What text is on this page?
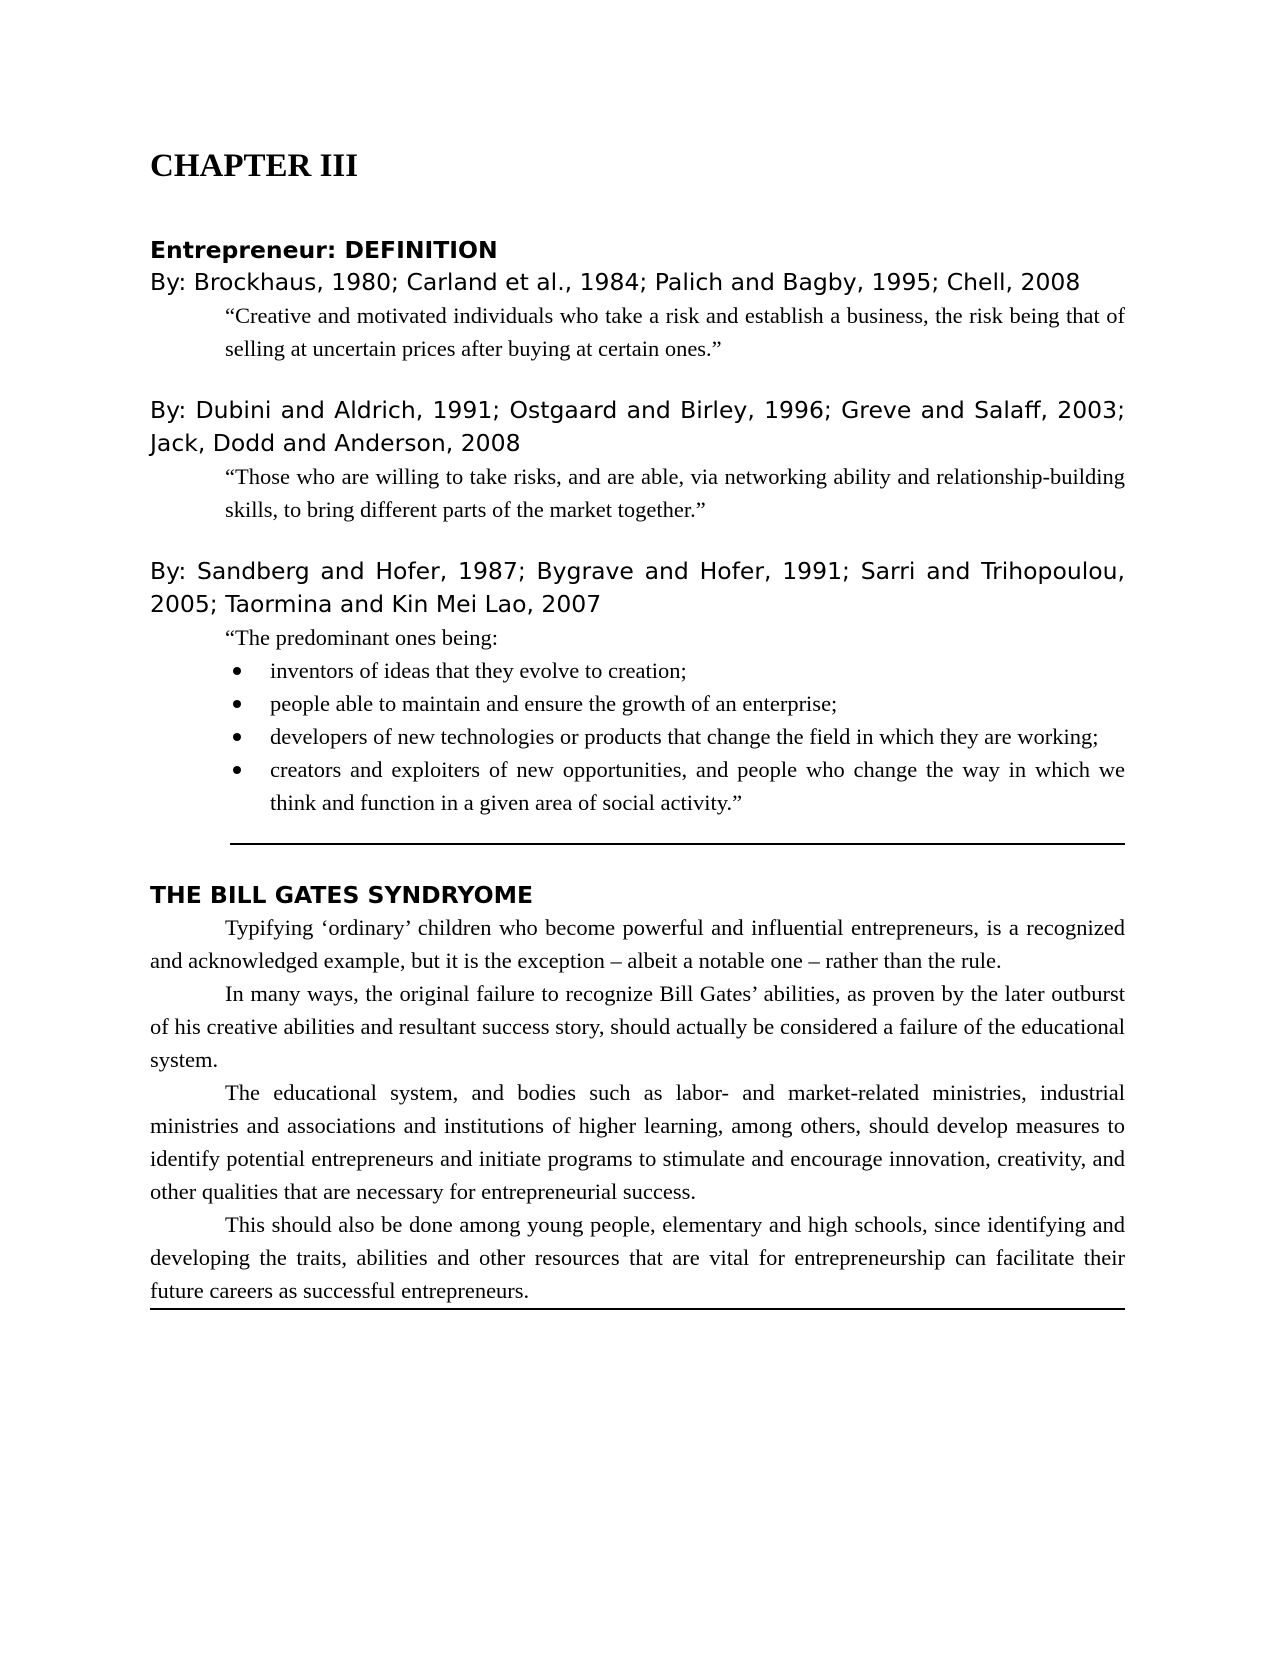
CHAPTER III
Entrepreneur: DEFINITION

By: Brockhaus, 1980; Carland et al., 1984; Palich and Bagby, 1995; Chell, 2008

“Creative and motivated individuals who take a risk and establish a business, the risk being that of selling at uncertain prices after buying at certain ones.”

By: Dubini and Aldrich, 1991; Ostgaard and Birley, 1996; Greve and Salaff, 2003; Jack, Dodd and Anderson, 2008

“Those who are willing to take risks, and are able, via networking ability and relationship-building skills, to bring different parts of the market together.”

By: Sandberg and Hofer, 1987; Bygrave and Hofer, 1991; Sarri and Trihopoulou, 2005; Taormina and Kin Mei Lao, 2007

“The predominant ones being:

inventors of ideas that they evolve to creation;
people able to maintain and ensure the growth of an enterprise;
developers of new technologies or products that change the field in which they are working;
creators and exploiters of new opportunities, and people who change the way in which we think and function in a given area of social activity.”
THE BILL GATES SYNDRYOME

Typifying ‘ordinary’ children who become powerful and influential entrepreneurs, is a recognized and acknowledged example, but it is the exception – albeit a notable one – rather than the rule.

In many ways, the original failure to recognize Bill Gates’ abilities, as proven by the later outburst of his creative abilities and resultant success story, should actually be considered a failure of the educational system.

The educational system, and bodies such as labor- and market-related ministries, industrial ministries and associations and institutions of higher learning, among others, should develop measures to identify potential entrepreneurs and initiate programs to stimulate and encourage innovation, creativity, and other qualities that are necessary for entrepreneurial success.

This should also be done among young people, elementary and high schools, since identifying and developing the traits, abilities and other resources that are vital for entrepreneurship can facilitate their future careers as successful entrepreneurs.
